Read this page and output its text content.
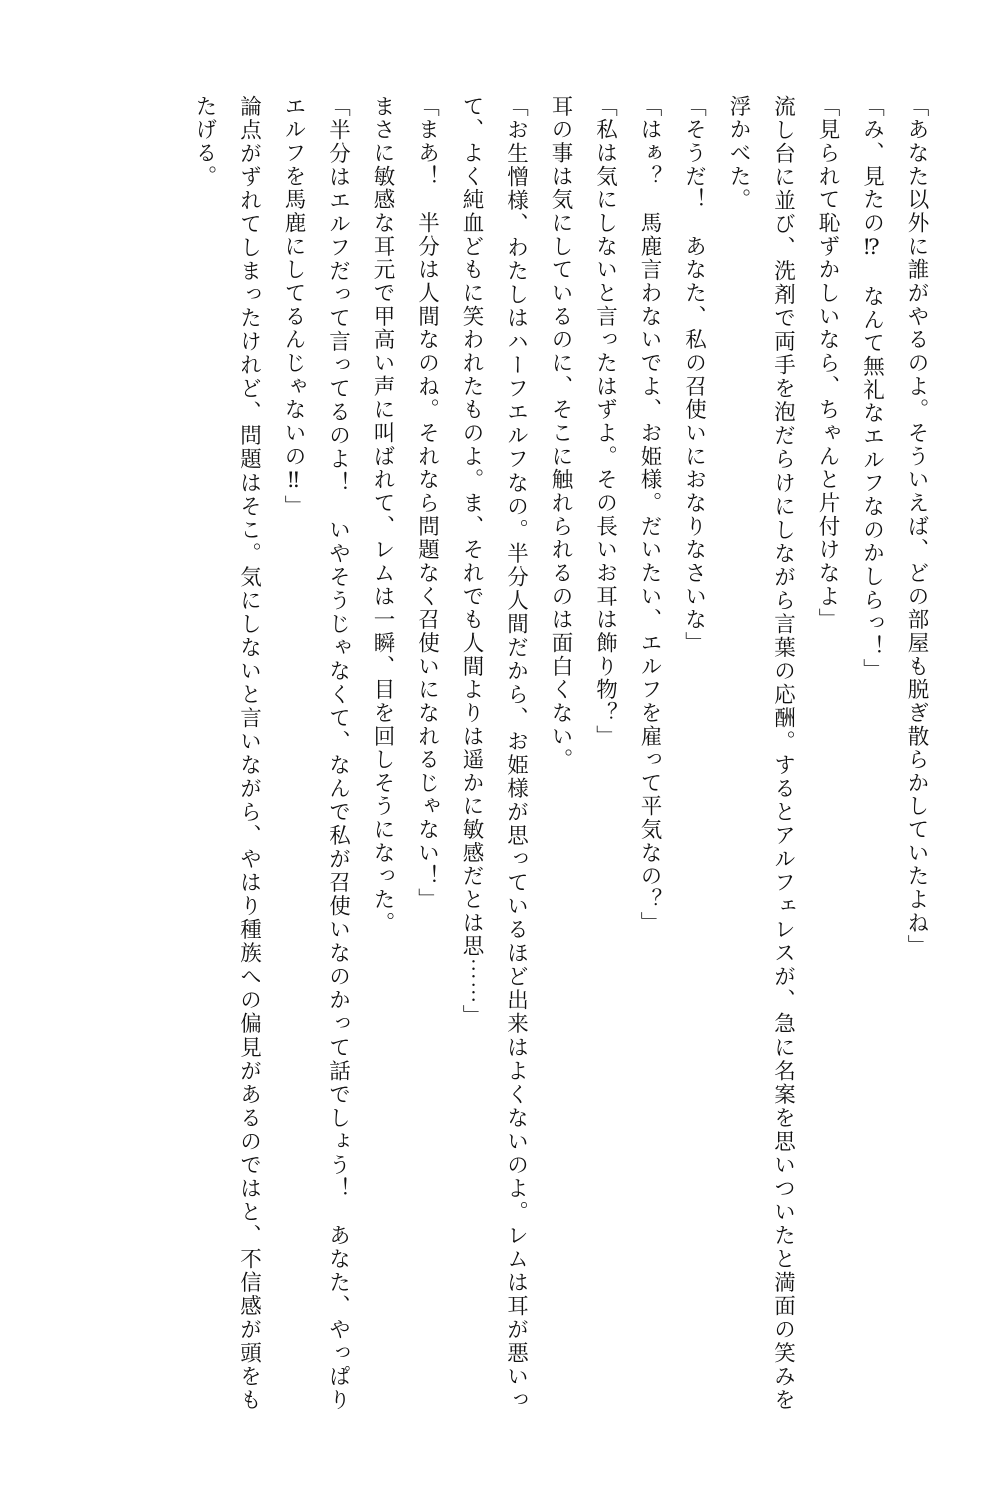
「あなた以外に誰がやるのよ。そういえば、どの部屋も脱ぎ散らかしていたよね」

「み、見たの⁉　なんて無礼なエルフなのかしらっ！」

「見られて恥ずかしいなら、ちゃんと片付けなよ」

流し台に並び、洗剤で両手を泡だらけにしながら言葉の応酬。するとアルフェレスが、急に名案を思いついたと満面の笑みを浮かべた。

「そうだ！　あなた、私の召使いにおなりなさいな」

「はぁ？　馬鹿言わないでよ、お姫様。だいたい、エルフを雇って平気なの？」

「私は気にしないと言ったはずよ。その長いお耳は飾り物？」

耳の事は気にしているのに、そこに触れられるのは面白くない。

「お生憎様、わたしはハーフエルフなの。半分人間だから、お姫様が思っているほど出来はよくないのよ。レムは耳が悪いって、よく純血どもに笑われたものよ。ま、それでも人間よりは遥かに敏感だとは思⋯⋯」

「まあ！　半分は人間なのね。それなら問題なく召使いになれるじゃない！」

まさに敏感な耳元で甲高い声に叫ばれて、レムは一瞬、目を回しそうになった。

「半分はエルフだって言ってるのよ！　いやそうじゃなくて、なんで私が召使いなのかって話でしょう！　あなた、やっぱりエルフを馬鹿にしてるんじゃないの‼」

論点がずれてしまったけれど、問題はそこ。気にしないと言いながら、やはり種族への偏見があるのではと、不信感が頭をもたげる。
